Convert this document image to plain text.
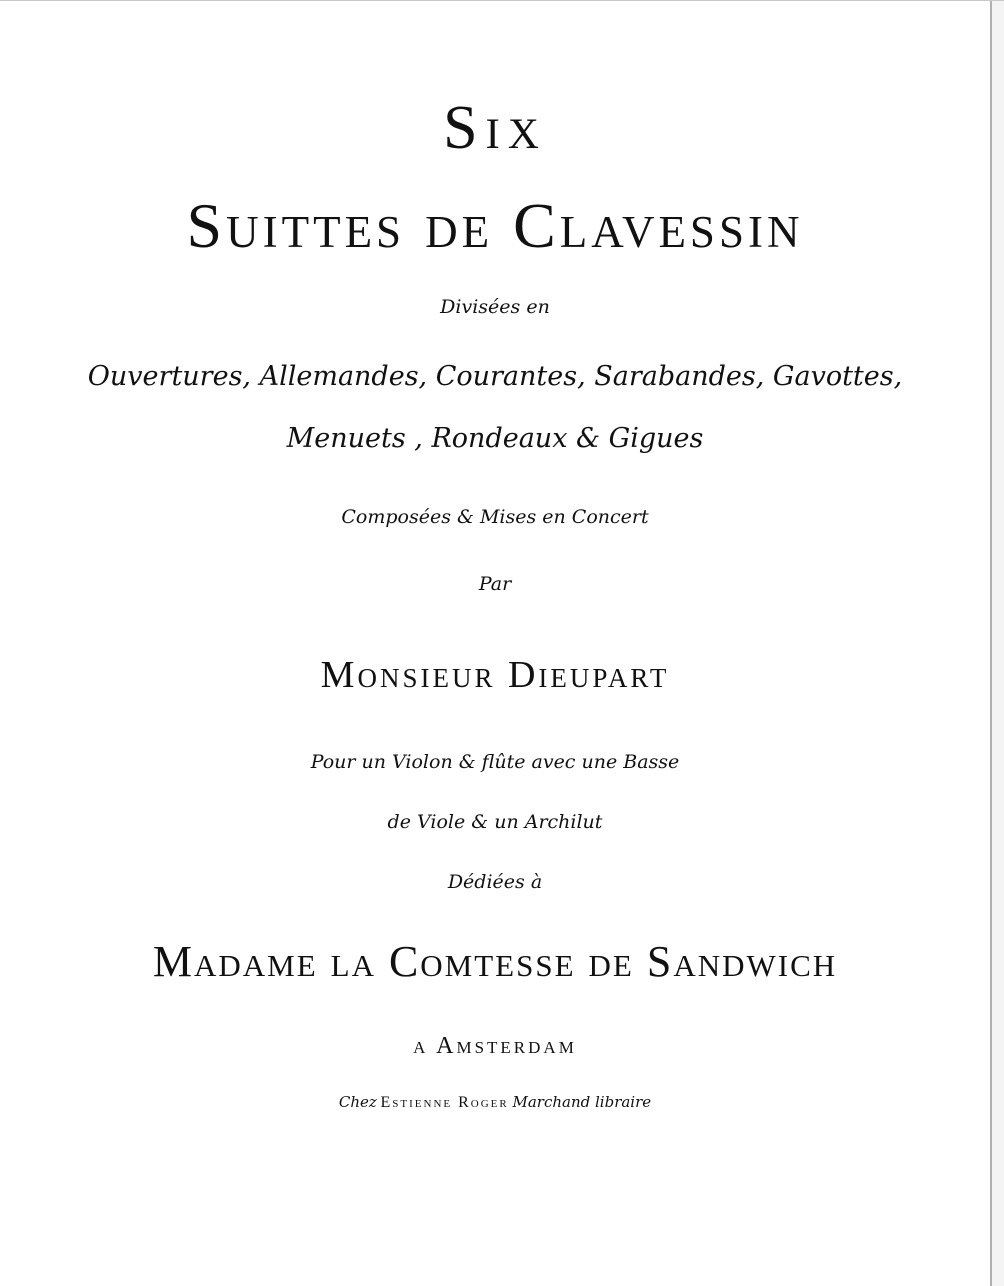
Six
Suittes de Clavessin
Divisées en
Ouvertures, Allemandes, Courantes, Sarabandes, Gavottes,
Menuets , Rondeaux & Gigues
Composées & Mises en Concert
Par
Monsieur Dieupart
Pour un Violon & flûte avec une Basse
de Viole & un Archilut
Dédiées à
Madame la Comtesse de Sandwich
a Amsterdam
Chez Estienne Roger Marchand libraire
